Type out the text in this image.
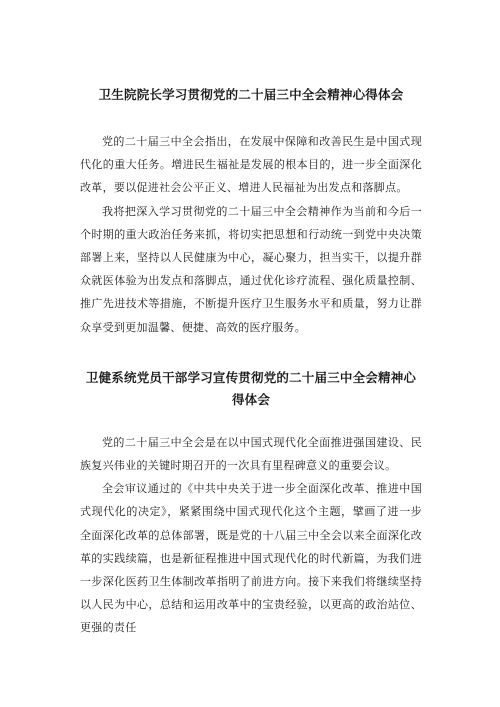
卫生院院长学习贯彻党的二十届三中全会精神心得体会

党的二十届三中全会指出，在发展中保障和改善民生是中国式现代化的重大任务。增进民生福祉是发展的根本目的，进一步全面深化改革，要以促进社会公平正义、增进人民福祉为出发点和落脚点。

我将把深入学习贯彻党的二十届三中全会精神作为当前和今后一个时期的重大政治任务来抓，将切实把思想和行动统一到党中央决策部署上来，坚持以人民健康为中心，凝心聚力，担当实干，以提升群众就医体验为出发点和落脚点，通过优化诊疗流程、强化质量控制、推广先进技术等措施，不断提升医疗卫生服务水平和质量，努力让群众享受到更加温馨、便捷、高效的医疗服务。

卫健系统党员干部学习宣传贯彻党的二十届三中全会精神心
得体会

党的二十届三中全会是在以中国式现代化全面推进强国建设、民族复兴伟业的关键时期召开的一次具有里程碑意义的重要会议。

全会审议通过的《中共中央关于进一步全面深化改革、推进中国式现代化的决定》，紧紧围绕中国式现代化这个主题，擘画了进一步全面深化改革的总体部署，既是党的十八届三中全会以来全面深化改革的实践续篇，也是新征程推进中国式现代化的时代新篇，为我们进一步深化医药卫生体制改革指明了前进方向。接下来我们将继续坚持以人民为中心，总结和运用改革中的宝贵经验，以更高的政治站位、更强的责任
